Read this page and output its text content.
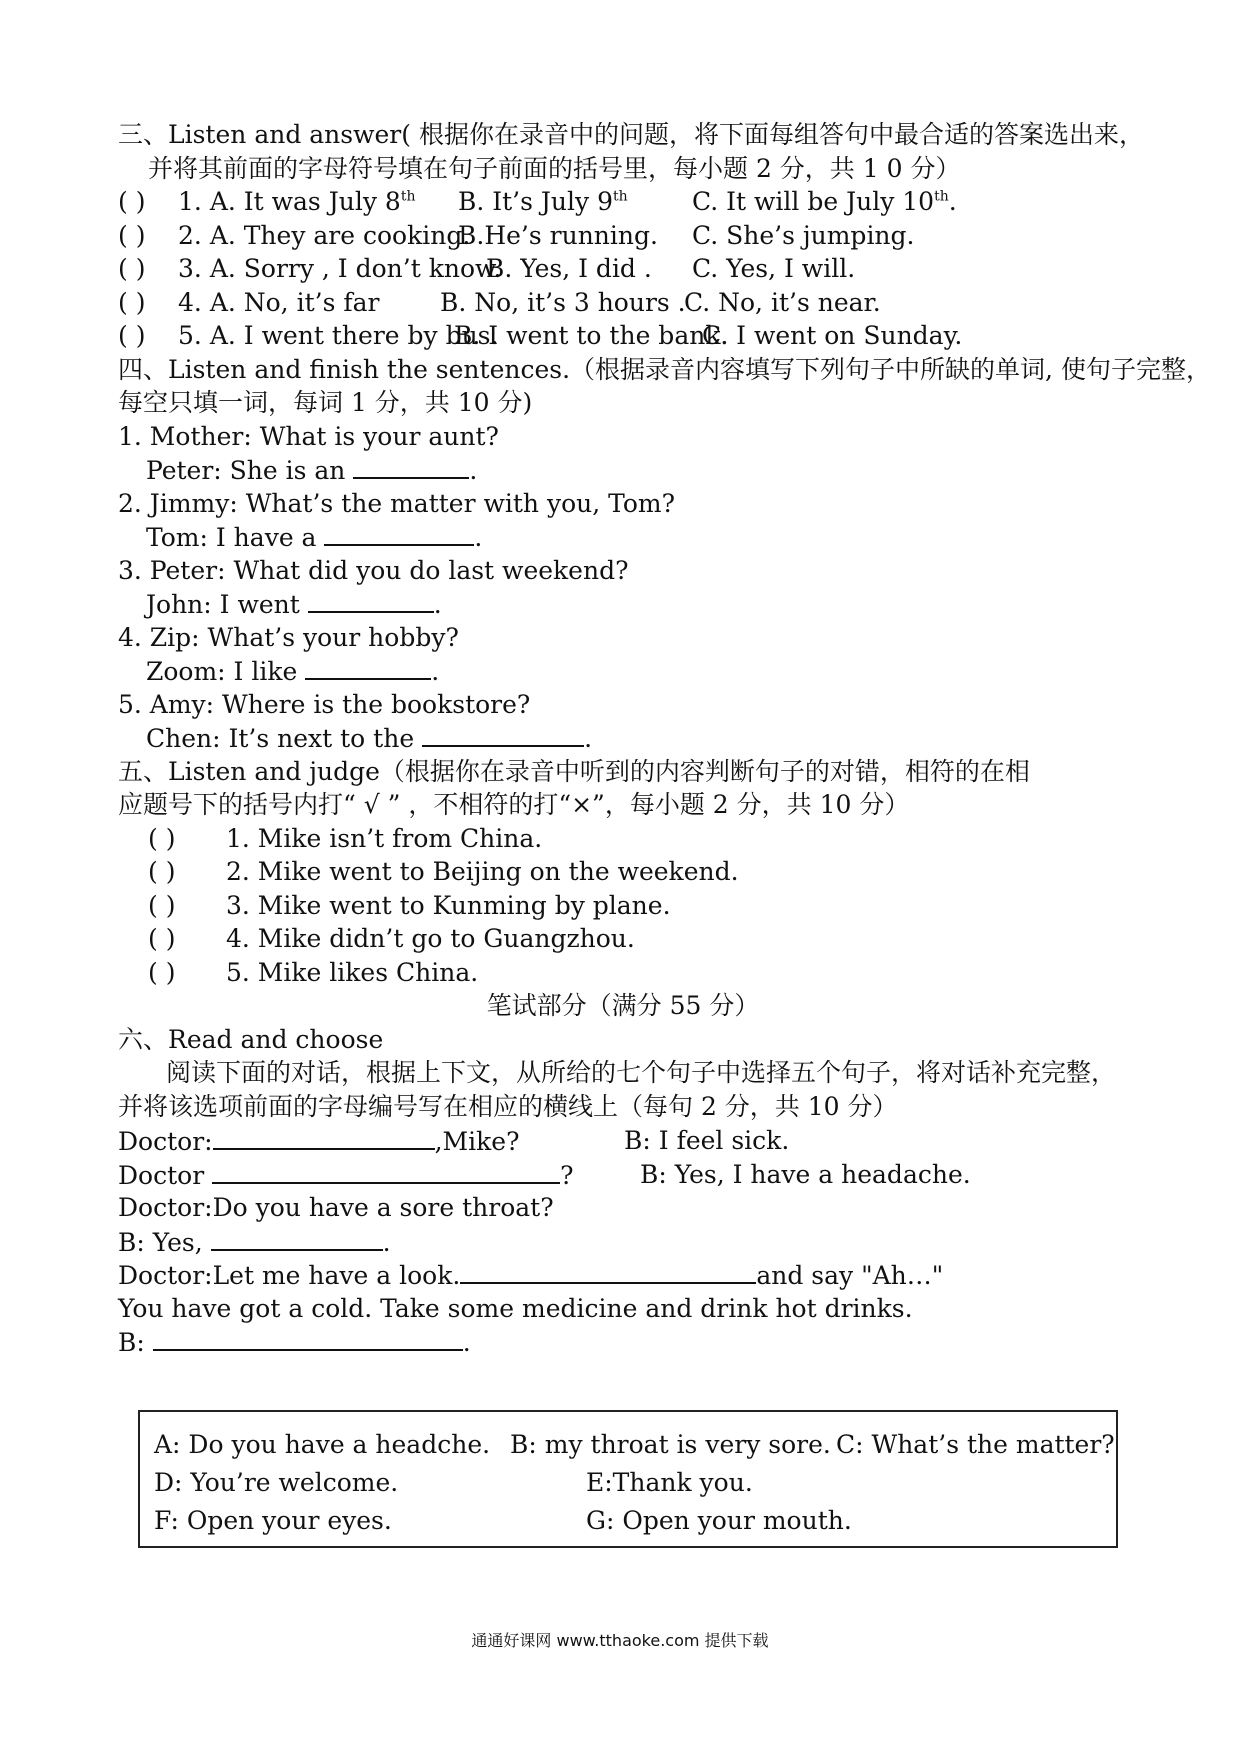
三、Listen and answer( 根据你在录音中的问题，将下面每组答句中最合适的答案选出来，
并将其前面的字母符号填在句子前面的括号里，每小题 2 分，共 1 0 分）
( ) 1. A. It was July 8th B. It’s July 9th	C. It will be July 10th.
( ) 2. A. They are cooking.
B.He’s running. C. She’s jumping.
( ) 3. A. Sorry , I don’t know.
B. Yes, I did . C. Yes, I will.
( ) 4. A. No, it’s far B. No, it’s 3 hours .
C. No, it’s near.
( ) 5. A. I went there by bus.
B. I went to the bank.
C. I went on Sunday.
四、Listen and finish the sentences.（根据录音内容填写下列句子中所缺的单词, 使句子完整，
每空只填一词，每词 1 分，共 10 分)
1. Mother: What is your aunt?
Peter: She is an	.
2. Jimmy: What’s the matter with you, Tom?
Tom: I have a	.
3. Peter: What did you do last weekend?
John: I went	.
4. Zip: What’s your hobby?
Zoom: I like	.
5. Amy: Where is the bookstore?
Chen: It’s next to the	.
五、Listen and judge（根据你在录音中听到的内容判断句子的对错，相符的在相
应题号下的括号内打“ √ ” ，不相符的打“×”，每小题 2 分，共 10 分）
( ) 1. Mike isn’t from China.
( ) 2. Mike went to Beijing on the weekend.
( ) 3. Mike went to Kunming by plane.
( ) 4. Mike didn’t go to Guangzhou.
( ) 5. Mike likes China.
笔试部分（满分 55 分）
六、Read and choose
阅读下面的对话，根据上下文，从所给的七个句子中选择五个句子，将对话补充完整，并将该选项前面的字母编号写在相应的横线上（每句 2 分，共 10 分）
Doctor:	,Mike?	B: I feel sick.
Doctor	?	B: Yes, I have a headache.
Doctor:Do you have a sore throat?
B: Yes,	.
Doctor:Let me have a look.	and say "Ah…"
You have got a cold. Take some medicine and drink hot drinks.
B:	.
A: Do you have a headche. B: my throat is very sore. C: What’s the matter?
D: You’re welcome.	E:Thank you.
F: Open your eyes.	G: Open your mouth.
通通好课网 www.tthaoke.com 提供下载
